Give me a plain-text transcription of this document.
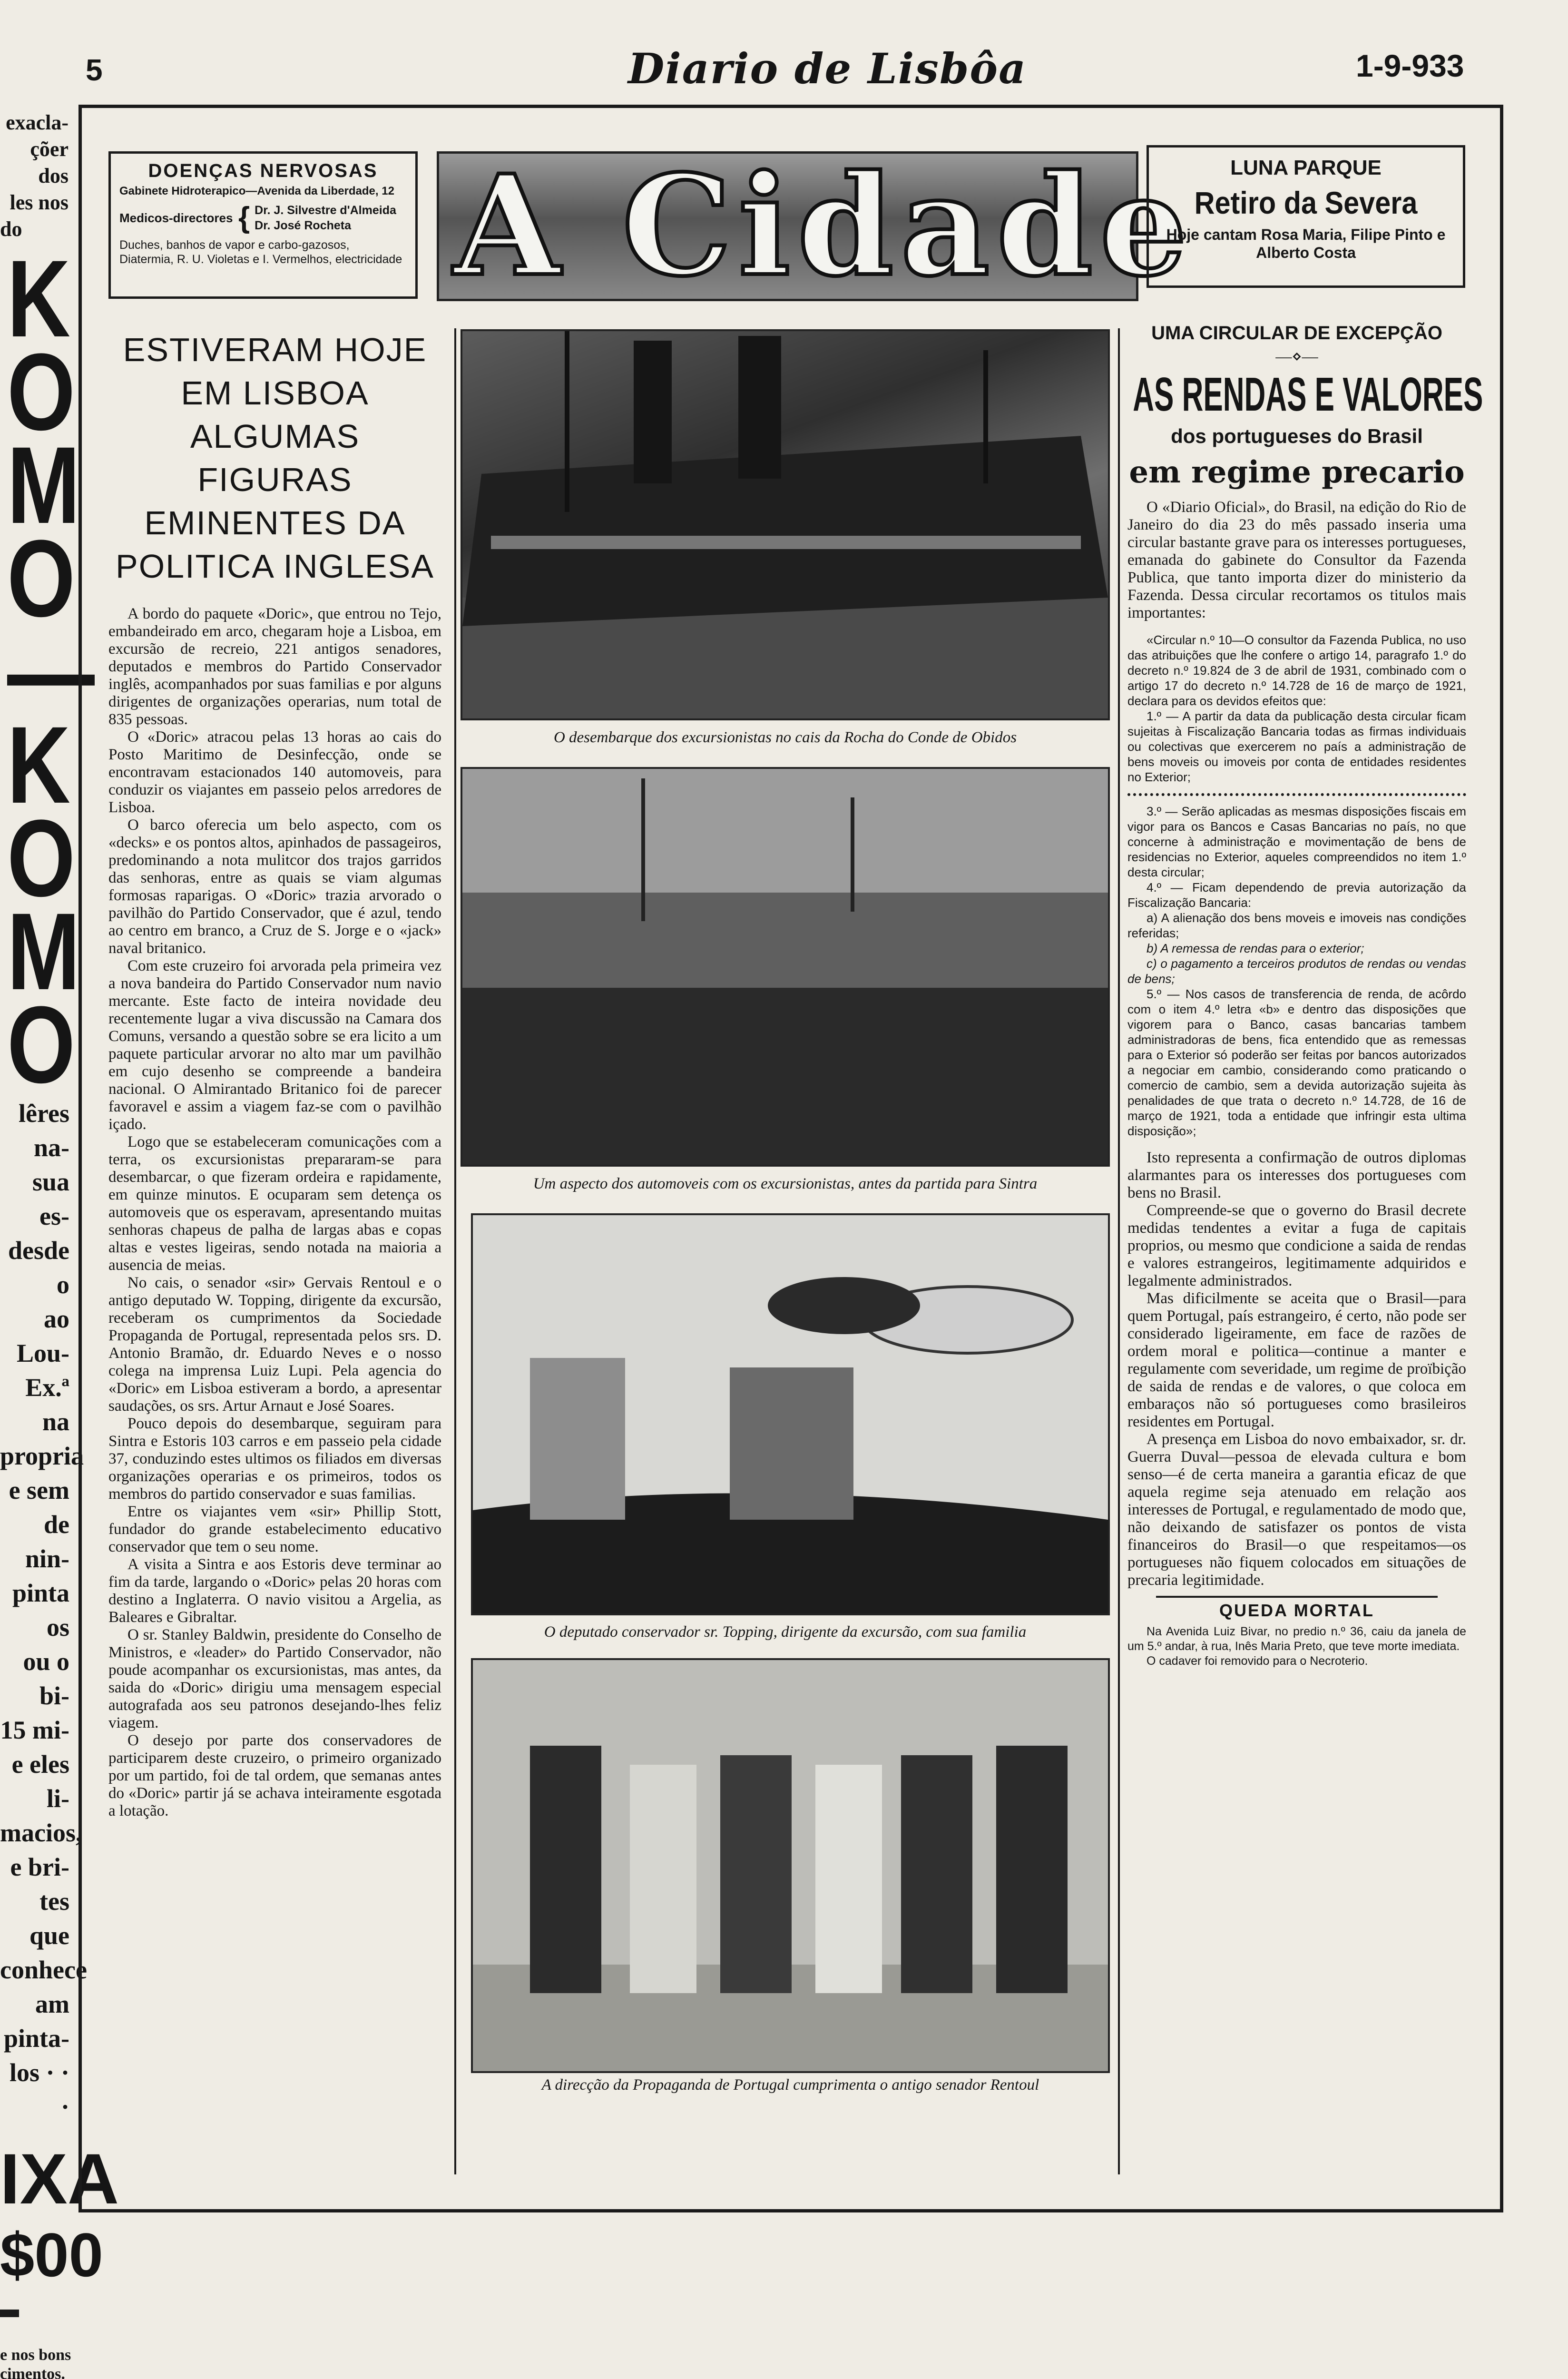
5	Diario de Lisbôa	1-9-933
exacla-
çõer dos
les nos
do
K
O
M
O
—
K
O
M
O
lêres na-
sua es-
desde o
ao Lou-
Ex.ª na
propria
e sem
de nin-
pinta os
ou o bi-
15 mi-
e eles li-
macios,
e bri-
tes que
conhece
am pinta-
los · · ·
IXA
$00
e nos bons
cimentos.
DOENÇAS NERVOSAS
Gabinete Hidroterapico—Avenida da Liberdade, 12
Medicos-directores { Dr. J. Silvestre d'Almeida
Dr. José Rocheta
Duches, banhos de vapor e carbo-gazosos, Diatermia, R. U. Violetas e I. Vermelhos, electricidade A Cidade	LUNA PARQUE
Retiro da Severa
Hoje cantam Rosa Maria, Filipe Pinto e Alberto Costa
ESTIVERAM HOJE EM LISBOA ALGUMAS FIGURAS EMINENTES DA POLITICA INGLESA

A bordo do paquete «Doric», que entrou no Tejo, embandeirado em arco, chegaram hoje a Lisboa, em excursão de recreio, 221 antigos senadores, deputados e membros do Partido Conservador inglês, acompanhados por suas familias e por alguns dirigentes de organizações operarias, num total de 835 pessoas.

O «Doric» atracou pelas 13 horas ao cais do Posto Maritimo de Desinfecção, onde se encontravam estacionados 140 automoveis, para conduzir os viajantes em passeio pelos arredores de Lisboa.

O barco oferecia um belo aspecto, com os «decks» e os pontos altos, apinhados de passageiros, predominando a nota mulitcor dos trajos garridos das senhoras, entre as quais se viam algumas formosas raparigas. O «Doric» trazia arvorado o pavilhão do Partido Conservador, que é azul, tendo ao centro em branco, a Cruz de S. Jorge e o «jack» naval britanico.

Com este cruzeiro foi arvorada pela primeira vez a nova bandeira do Partido Conservador num navio mercante. Este facto de inteira novidade deu recentemente lugar a viva discussão na Camara dos Comuns, versando a questão sobre se era licito a um paquete particular arvorar no alto mar um pavilhão em cujo desenho se compreende a bandeira nacional. O Almirantado Britanico foi de parecer favoravel e assim a viagem faz-se com o pavilhão içado.

Logo que se estabeleceram comunicações com a terra, os excursionistas prepararam-se para desembarcar, o que fizeram ordeira e rapidamente, em quinze minutos. E ocuparam sem detença os automoveis que os esperavam, apresentando muitas senhoras chapeus de palha de largas abas e copas altas e vestes ligeiras, sendo notada na maioria a ausencia de meias.

No cais, o senador «sir» Gervais Rentoul e o antigo deputado W. Topping, dirigente da excursão, receberam os cumprimentos da Sociedade Propaganda de Portugal, representada pelos srs. D. Antonio Bramão, dr. Eduardo Neves e o nosso colega na imprensa Luiz Lupi. Pela agencia do «Doric» em Lisboa estiveram a bordo, a apresentar saudações, os srs. Artur Arnaut e José Soares.

Pouco depois do desembarque, seguiram para Sintra e Estoris 103 carros e em passeio pela cidade 37, conduzindo estes ultimos os filiados em diversas organizações operarias e os primeiros, todos os membros do partido conservador e suas familias.

Entre os viajantes vem «sir» Phillip Stott, fundador do grande estabelecimento educativo conservador que tem o seu nome.

A visita a Sintra e aos Estoris deve terminar ao fim da tarde, largando o «Doric» pelas 20 horas com destino a Inglaterra. O navio visitou a Argelia, as Baleares e Gibraltar.

O sr. Stanley Baldwin, presidente do Conselho de Ministros, e «leader» do Partido Conservador, não poude acompanhar os excursionistas, mas antes, da saida do «Doric» dirigiu uma mensagem especial autografada aos seu patronos desejando-lhes feliz viagem.

O desejo por parte dos conservadores de participarem deste cruzeiro, o primeiro organizado por um partido, foi de tal ordem, que semanas antes do «Doric» partir já se achava inteiramente esgotada a lotação.

O desembarque dos excursionistas no cais da Rocha do Conde de Obidos
Um aspecto dos automoveis com os excursionistas, antes da partida para Sintra
O deputado conservador sr. Topping, dirigente da excursão, com sua familia
A direcção da Propaganda de Portugal cumprimenta o antigo senador Rentoul
UMA CIRCULAR DE EXCEPÇÃO
—⋄—
AS RENDAS E VALORES
dos portugueses do Brasil
em regime precario

O «Diario Oficial», do Brasil, na edição do Rio de Janeiro do dia 23 do mês passado inseria uma circular bastante grave para os interesses portugueses, emanada do gabinete do Consultor da Fazenda Publica, que tanto importa dizer do ministerio da Fazenda. Dessa circular recortamos os titulos mais importantes:

«Circular n.º 10—O consultor da Fazenda Publica, no uso das atribuições que lhe confere o artigo 14, paragrafo 1.º do decreto n.º 19.824 de 3 de abril de 1931, combinado com o artigo 17 do decreto n.º 14.728 de 16 de março de 1921, declara para os devidos efeitos que:

1.º — A partir da data da publicação desta circular ficam sujeitas à Fiscalização Bancaria todas as firmas individuais ou colectivas que exercerem no país a administração de bens moveis ou imoveis por conta de entidades residentes no Exterior;

3.º — Serão aplicadas as mesmas disposições fiscais em vigor para os Bancos e Casas Bancarias no país, no que concerne à administração e movimentação de bens de residencias no Exterior, aqueles compreendidos no item 1.º desta circular;

4.º — Ficam dependendo de previa autorização da Fiscalização Bancaria:

a) A alienação dos bens moveis e imoveis nas condições referidas;

b) A remessa de rendas para o exterior;

c) o pagamento a terceiros produtos de rendas ou vendas de bens;

5.º — Nos casos de transferencia de renda, de acôrdo com o item 4.º letra «b» e dentro das disposições que vigorem para o Banco, casas bancarias tambem administradoras de bens, fica entendido que as remessas para o Exterior só poderão ser feitas por bancos autorizados a negociar em cambio, considerando como praticando o comercio de cambio, sem a devida autorização sujeita às penalidades de que trata o decreto n.º 14.728, de 16 de março de 1921, toda a entidade que infringir esta ultima disposição»;

Isto representa a confirmação de outros diplomas alarmantes para os interesses dos portugueses com bens no Brasil.

Compreende-se que o governo do Brasil decrete medidas tendentes a evitar a fuga de capitais proprios, ou mesmo que condicione a saida de rendas e valores estrangeiros, legitimamente adquiridos e legalmente administrados.

Mas dificilmente se aceita que o Brasil—para quem Portugal, país estrangeiro, é certo, não pode ser considerado ligeiramente, em face de razões de ordem moral e politica—continue a manter e regulamente com severidade, um regime de proïbição de saida de rendas e de valores, o que coloca em embaraços não só portugueses como brasileiros residentes em Portugal.

A presença em Lisboa do novo embaixador, sr. dr. Guerra Duval—pessoa de elevada cultura e bom senso—é de certa maneira a garantia eficaz de que aquela regime seja atenuado em relação aos interesses de Portugal, e regulamentado de modo que, não deixando de satisfazer os pontos de vista financeiros do Brasil—o que respeitamos—os portugueses não fiquem colocados em situações de precaria legitimidade.

QUEDA MORTAL

Na Avenida Luiz Bivar, no predio n.º 36, caiu da janela de um 5.º andar, à rua, Inês Maria Preto, que teve morte imediata.

O cadaver foi removido para o Necroterio.
